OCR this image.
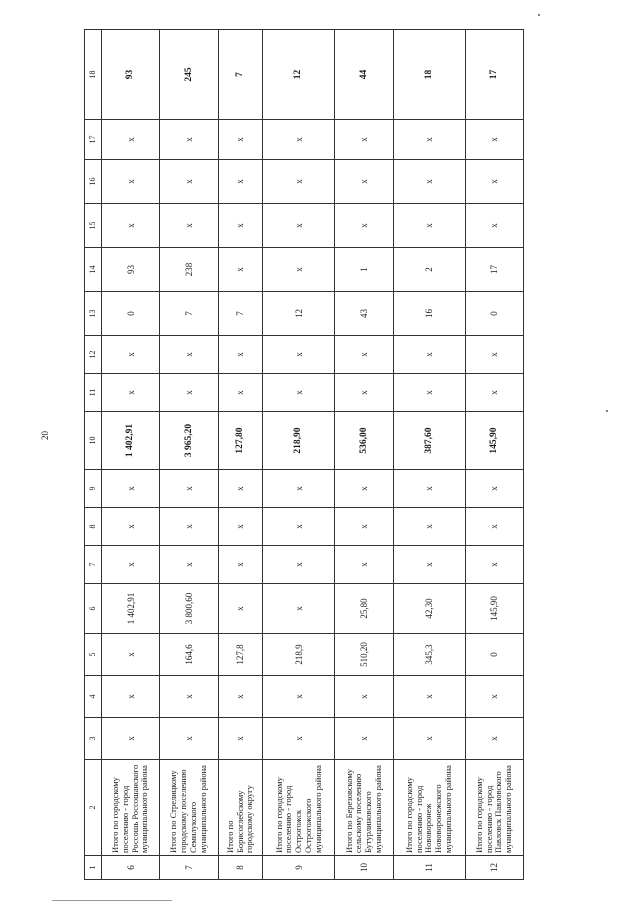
20
1	2	3	4	5	6	7	8	9	10	11	12	13	14	15	16	17	18
6	Итого по городскому поселению - город Россошь Россошанского муниципального района	x	x	x	1 402,91	x	x	x	1 402,91	x	x	0	93	x	x	x	93
7	Итого по Стрелицкому городскому поселению Семилукского муниципального района	x	x	164,6	3 800,60	x	x	x	3 965,20	x	x	7	238	x	x	x	245
8	Итого по Борисоглебскому городскому округу	x	x	127,8	x	x	x	x	127,80	x	x	7	x	x	x	x	7
9	Итого по городскому поселению - город Острогожск Острогожского муниципального района	x	x	218,9	x	x	x	x	218,90	x	x	12	x	x	x	x	12
10	Итого по Березовскому сельскому поселению Бутурлиновского муниципального района	x	x	510,20	25,80	x	x	x	536,00	x	x	43	1	x	x	x	44
11	Итого по городскому поселению - город Нововоронеж Нововоронежского муниципального района	x	x	345,3	42,30	x	x	x	387,60	x	x	16	2	x	x	x	18
12	Итого по городскому поселению - город Павловск Павловского муниципального района	x	x	0	145,90	x	x	x	145,90	x	x	0	17	x	x	x	17
